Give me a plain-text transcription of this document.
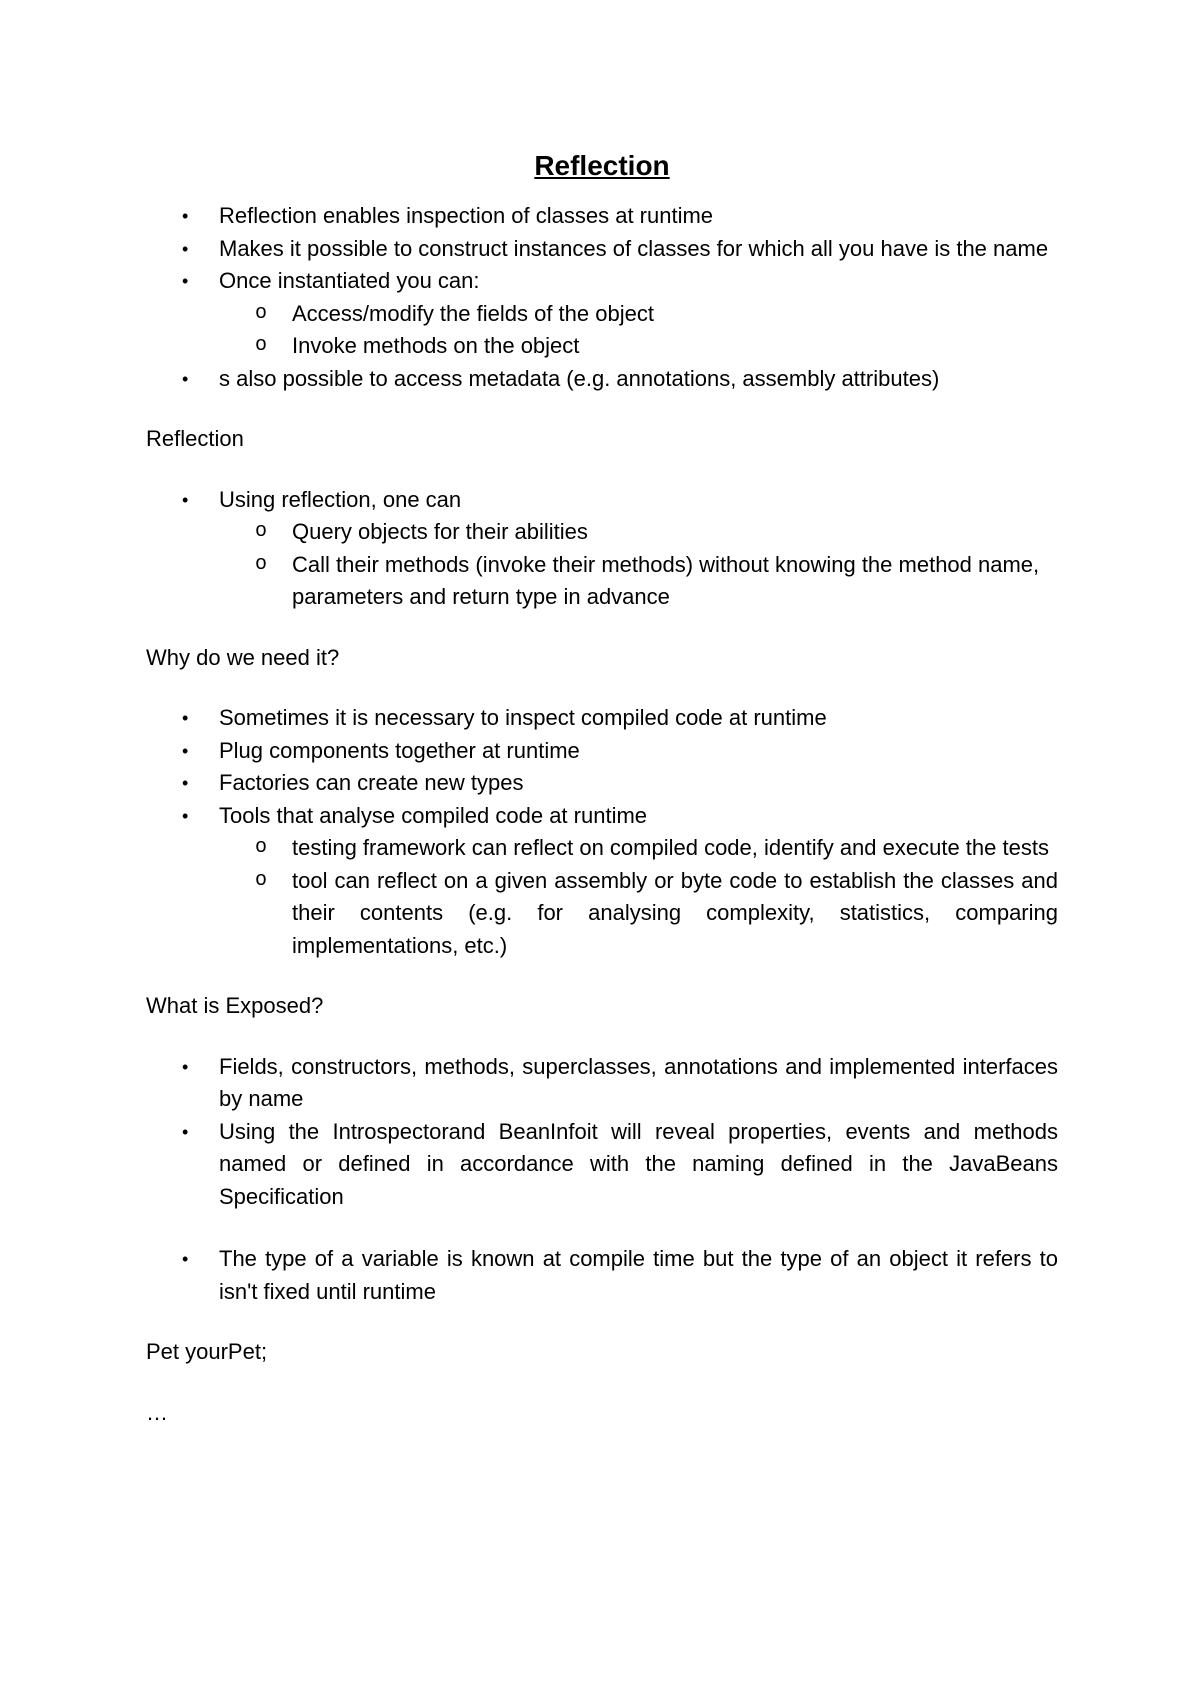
Reflection
• Reflection enables inspection of classes at runtime
• Makes it possible to construct instances of classes for which all you have is the name
• Once instantiated you can:
o Access/modify the fields of the object
o Invoke methods on the object
• s also possible to access metadata (e.g. annotations, assembly attributes)

Reflection

• Using reflection, one can
o Query objects for their abilities
o Call their methods (invoke their methods) without knowing the method name, parameters and return type in advance

Why do we need it?

• Sometimes it is necessary to inspect compiled code at runtime
• Plug components together at runtime
• Factories can create new types
• Tools that analyse compiled code at runtime
o testing framework can reflect on compiled code, identify and execute the tests
o tool can reflect on a given assembly or byte code to establish the classes and their contents (e.g. for analysing complexity, statistics, comparing implementations, etc.)

What is Exposed?

• Fields, constructors, methods, superclasses, annotations and implemented interfaces by name
• Using the Introspectorand BeanInfoit will reveal properties, events and methods named or defined in accordance with the naming defined in the JavaBeans Specification
• The type of a variable is known at compile time but the type of an object it refers to isn't fixed until runtime

Pet yourPet;

…
